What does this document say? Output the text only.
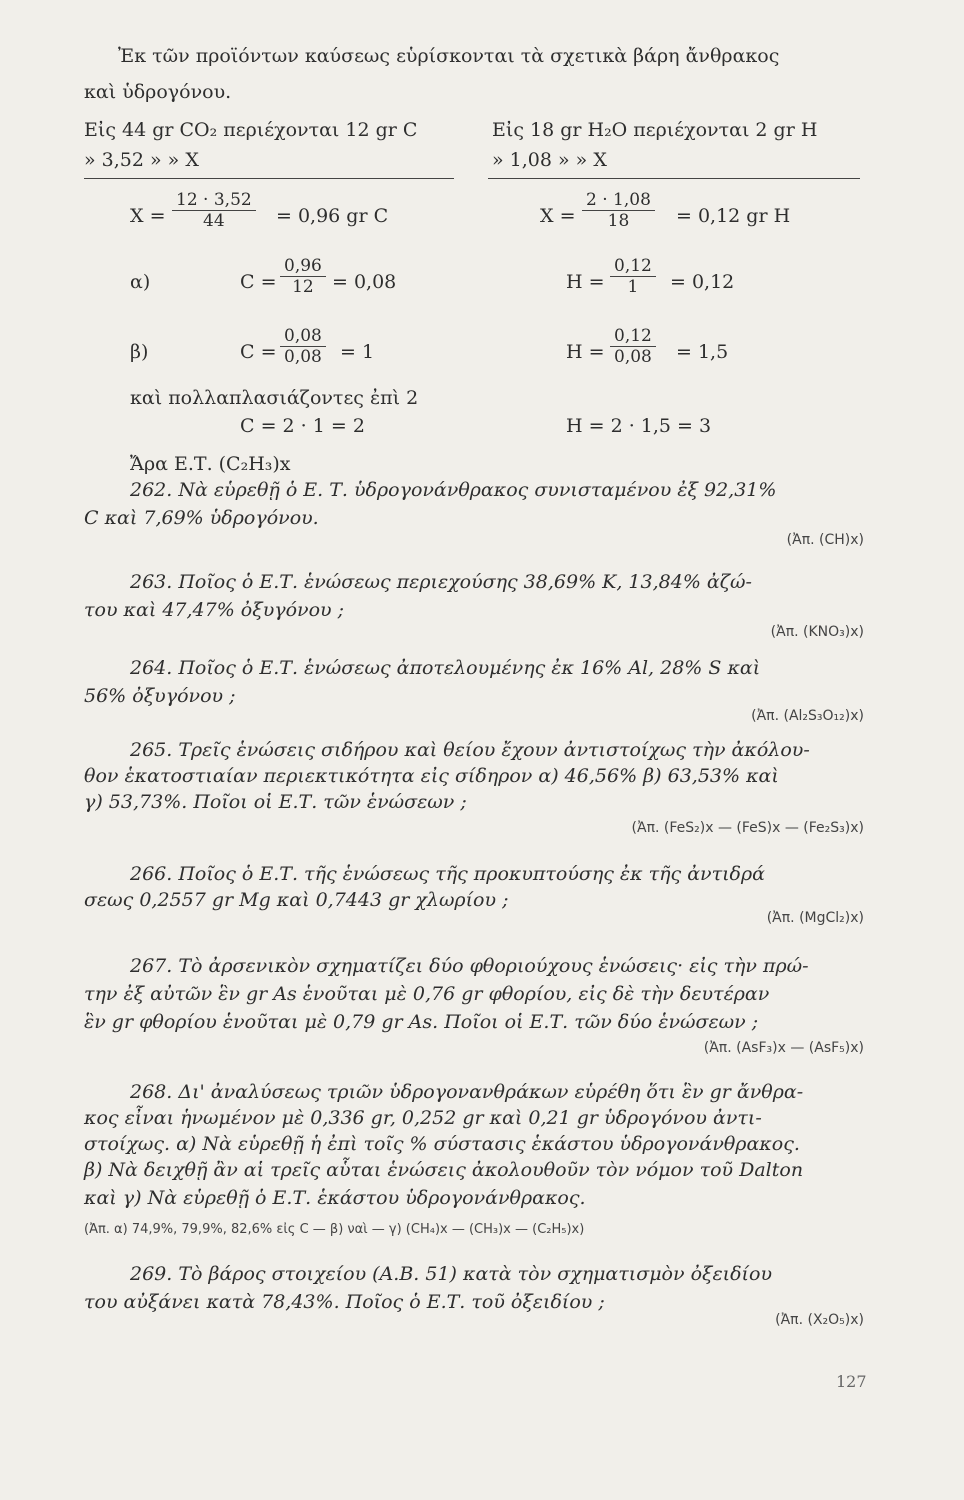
Ἐκ τῶν προϊόντων καύσεως εὑρίσκονται τὰ σχετικὰ βάρη ἄνθρακος
καὶ ὑδρογόνου.
Εἰς 44 gr CO₂ περιέχονται 12 gr C
» 3,52 » » X
Εἰς 18 gr H₂O περιέχονται 2 gr H
» 1,08 » » X
$X = \frac{12 \cdot 3,52}{44} = 0,96$ gr C	$X = \frac{2 \cdot 1,08}{18} = 0,12$ gr H
α)	$C = \frac{0,96}{12} = 0,08$	$H = \frac{0,12}{1} = 0,12$
β)	$C = \frac{0,08}{0,08} = 1$	$H = \frac{0,12}{0,08} = 1,5$
καὶ πολλαπλασιάζοντες ἐπὶ 2
C = 2 · 1 = 2	H = 2 · 1,5 = 3
Ἄρα Ε.Τ. (C₂H₃)x
262. Νὰ εὑρεθῇ ὁ Ε. Τ. ὑδρογονάνθρακος συνισταμένου ἐξ 92,31%
C καὶ 7,69% ὑδρογόνου.
(Ἀπ. (CH)x)
263. Ποῖος ὁ Ε.Τ. ἑνώσεως περιεχούσης 38,69% K, 13,84% ἀζώ-
του καὶ 47,47% ὀξυγόνου ;
(Ἀπ. (KNO₃)x)
264. Ποῖος ὁ Ε.Τ. ἑνώσεως ἀποτελουμένης ἐκ 16% Al, 28% S καὶ
56% ὀξυγόνου ;
(Ἀπ. (Al₂S₃O₁₂)x)
265. Τρεῖς ἑνώσεις σιδήρου καὶ θείου ἔχουν ἀντιστοίχως τὴν ἀκόλου-
θον ἑκατοστιαίαν περιεκτικότητα εἰς σίδηρον α) 46,56% β) 63,53% καὶ
γ) 53,73%. Ποῖοι οἱ Ε.Τ. τῶν ἑνώσεων ;
(Ἀπ. (FeS₂)x — (FeS)x — (Fe₂S₃)x)
266. Ποῖος ὁ Ε.Τ. τῆς ἑνώσεως τῆς προκυπτούσης ἐκ τῆς ἀντιδρά
σεως 0,2557 gr Mg καὶ 0,7443 gr χλωρίου ;
(Ἀπ. (MgCl₂)x)
267. Τὸ ἀρσενικὸν σχηματίζει δύο φθοριούχους ἑνώσεις· εἰς τὴν πρώ-
την ἐξ αὐτῶν ἓν gr As ἑνοῦται μὲ 0,76 gr φθορίου, εἰς δὲ τὴν δευτέραν
ἓν gr φθορίου ἑνοῦται μὲ 0,79 gr As. Ποῖοι οἱ Ε.Τ. τῶν δύο ἑνώσεων ;
(Ἀπ. (AsF₃)x — (AsF₅)x)
268. Δι' ἀναλύσεως τριῶν ὑδρογονανθράκων εὑρέθη ὅτι ἓν gr ἄνθρα-
κος εἶναι ἡνωμένον μὲ 0,336 gr, 0,252 gr καὶ 0,21 gr ὑδρογόνου ἀντι-
στοίχως. α) Νὰ εὑρεθῇ ἡ ἐπὶ τοῖς % σύστασις ἑκάστου ὑδρογονάνθρακος.
β) Νὰ δειχθῇ ἂν αἱ τρεῖς αὗται ἑνώσεις ἀκολουθοῦν τὸν νόμον τοῦ Dalton
καὶ γ) Νὰ εὑρεθῇ ὁ Ε.Τ. ἑκάστου ὑδρογονάνθρακος.
(Ἀπ. α) 74,9%, 79,9%, 82,6% εἰς C — β) ναὶ — γ) (CH₄)x — (CH₃)x — (C₂H₅)x)
269. Τὸ βάρος στοιχείου (Α.Β. 51) κατὰ τὸν σχηματισμὸν ὀξειδίου
του αὐξάνει κατὰ 78,43%. Ποῖος ὁ Ε.Τ. τοῦ ὀξειδίου ;
(Ἀπ. (X₂O₅)x)
127
